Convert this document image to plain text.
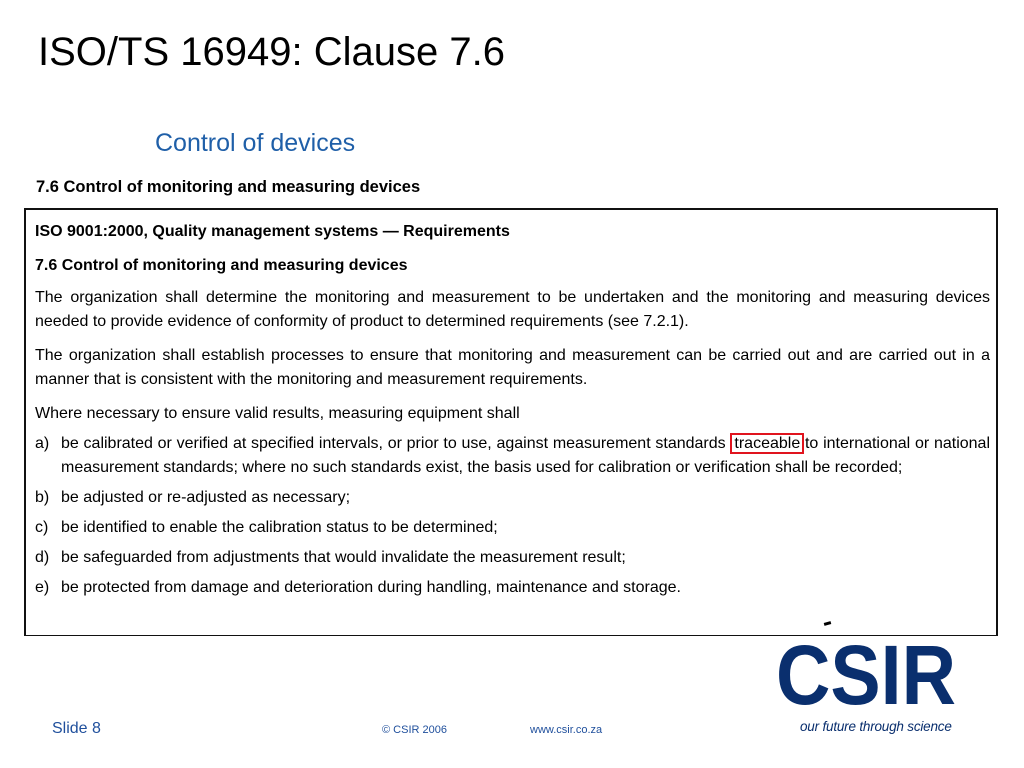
ISO/TS 16949: Clause 7.6
Control of devices
7.6 Control of monitoring and measuring devices

ISO 9001:2000, Quality management systems — Requirements

7.6 Control of monitoring and measuring devices

The organization shall determine the monitoring and measurement to be undertaken and the monitoring and measuring devices needed to provide evidence of conformity of product to determined requirements (see 7.2.1).

The organization shall establish processes to ensure that monitoring and measurement can be carried out and are carried out in a manner that is consistent with the monitoring and measurement requirements.

Where necessary to ensure valid results, measuring equipment shall

a) be calibrated or verified at specified intervals, or prior to use, against measurement standards traceable to international or national measurement standards; where no such standards exist, the basis used for calibration or verification shall be recorded;
b) be adjusted or re-adjusted as necessary;
c) be identified to enable the calibration status to be determined;
d) be safeguarded from adjustments that would invalidate the measurement result;
e) be protected from damage and deterioration during handling, maintenance and storage.
CSIR
our future through science
Slide 8	© CSIR 2006	www.csir.co.za
